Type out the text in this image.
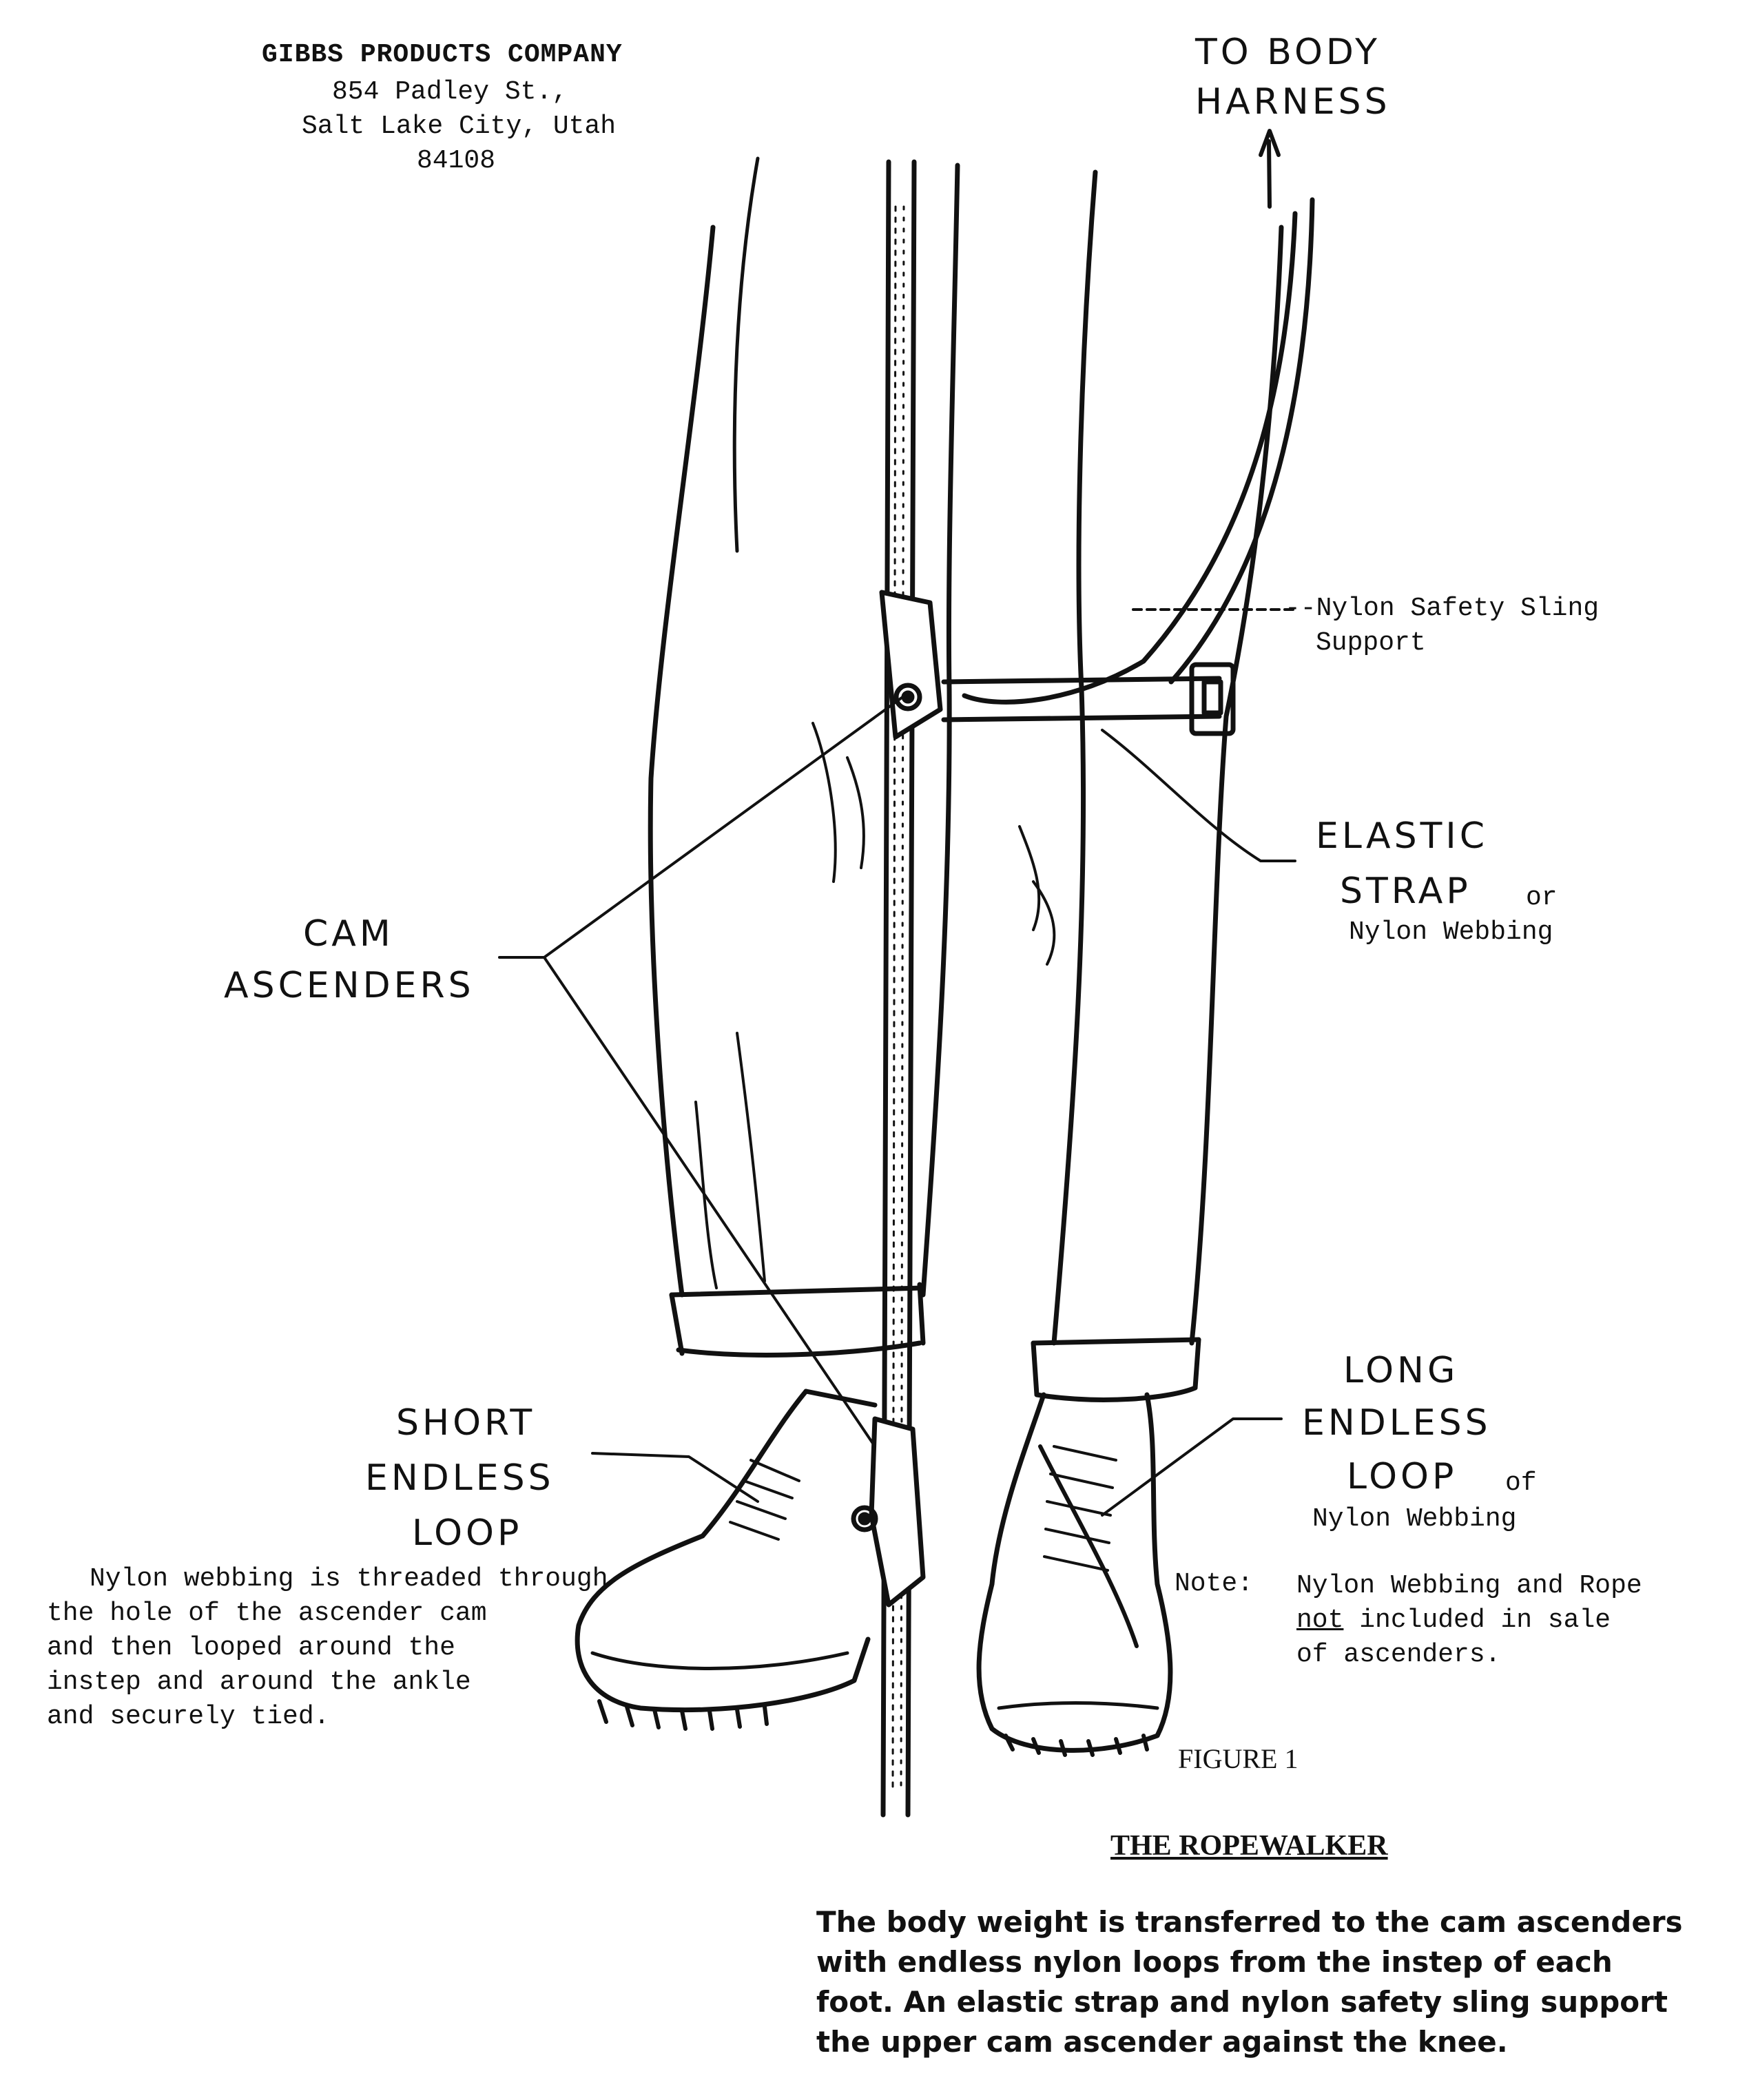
GIBBS PRODUCTS COMPANY
854 Padley St.,
Salt Lake City, Utah
84108
TO BODY
HARNESS
--Nylon Safety Sling
Support
ELASTIC
STRAP or
Nylon Webbing
CAM
ASCENDERS
SHORT
ENDLESS
LOOP
LONG
ENDLESS
LOOP of
Nylon Webbing
Nylon webbing is threaded through
the hole of the ascender cam
and then looped around the
instep and around the ankle
and securely tied.
Note: Nylon Webbing and Rope
not included in sale
of ascenders.
FIGURE 1
THE ROPEWALKER
The body weight is transferred to the cam ascenders
with endless nylon loops from the instep of each
foot. An elastic strap and nylon safety sling support
the upper cam ascender against the knee.
